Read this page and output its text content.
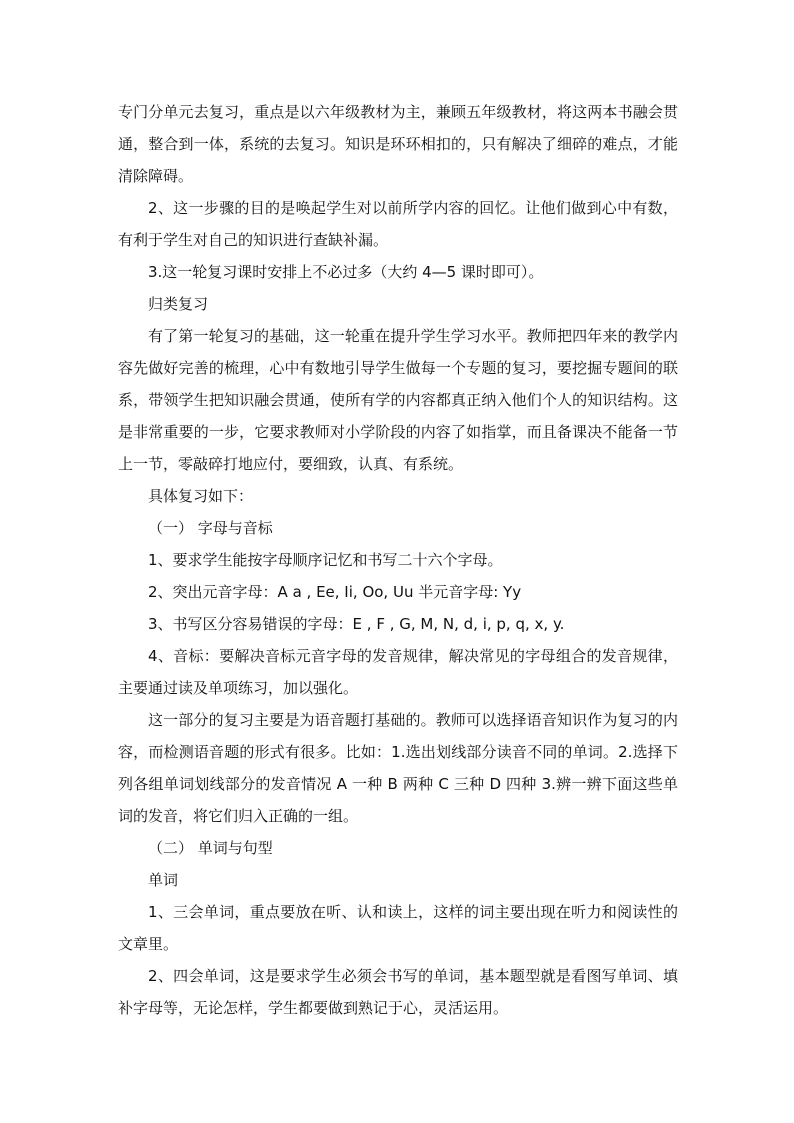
专门分单元去复习，重点是以六年级教材为主，兼顾五年级教材，将这两本书融会贯通，整合到一体，系统的去复习。知识是环环相扣的，只有解决了细碎的难点，才能清除障碍。

2、这一步骤的目的是唤起学生对以前所学内容的回忆。让他们做到心中有数，有利于学生对自己的知识进行查缺补漏。

3.这一轮复习课时安排上不必过多（大约 4—5 课时即可）。

归类复习

有了第一轮复习的基础，这一轮重在提升学生学习水平。教师把四年来的教学内容先做好完善的梳理，心中有数地引导学生做每一个专题的复习，要挖掘专题间的联系，带领学生把知识融会贯通，使所有学的内容都真正纳入他们个人的知识结构。这是非常重要的一步，它要求教师对小学阶段的内容了如指掌，而且备课决不能备一节上一节，零敲碎打地应付，要细致，认真、有系统。

具体复习如下：

（一） 字母与音标

1、要求学生能按字母顺序记忆和书写二十六个字母。

2、突出元音字母：A a , Ee, Ii, Oo, Uu 半元音字母: Yy

3、书写区分容易错误的字母：E , F , G, M, N, d, i, p, q, x, y.

4、音标：要解决音标元音字母的发音规律，解决常见的字母组合的发音规律，主要通过读及单项练习，加以强化。

这一部分的复习主要是为语音题打基础的。教师可以选择语音知识作为复习的内容，而检测语音题的形式有很多。比如：1.选出划线部分读音不同的单词。2.选择下列各组单词划线部分的发音情况 A 一种 B 两种 C 三种 D 四种 3.辨一辨下面这些单词的发音，将它们归入正确的一组。

（二） 单词与句型

单词

1、三会单词，重点要放在听、认和读上，这样的词主要出现在听力和阅读性的文章里。

2、四会单词，这是要求学生必须会书写的单词，基本题型就是看图写单词、填补字母等，无论怎样，学生都要做到熟记于心，灵活运用。
